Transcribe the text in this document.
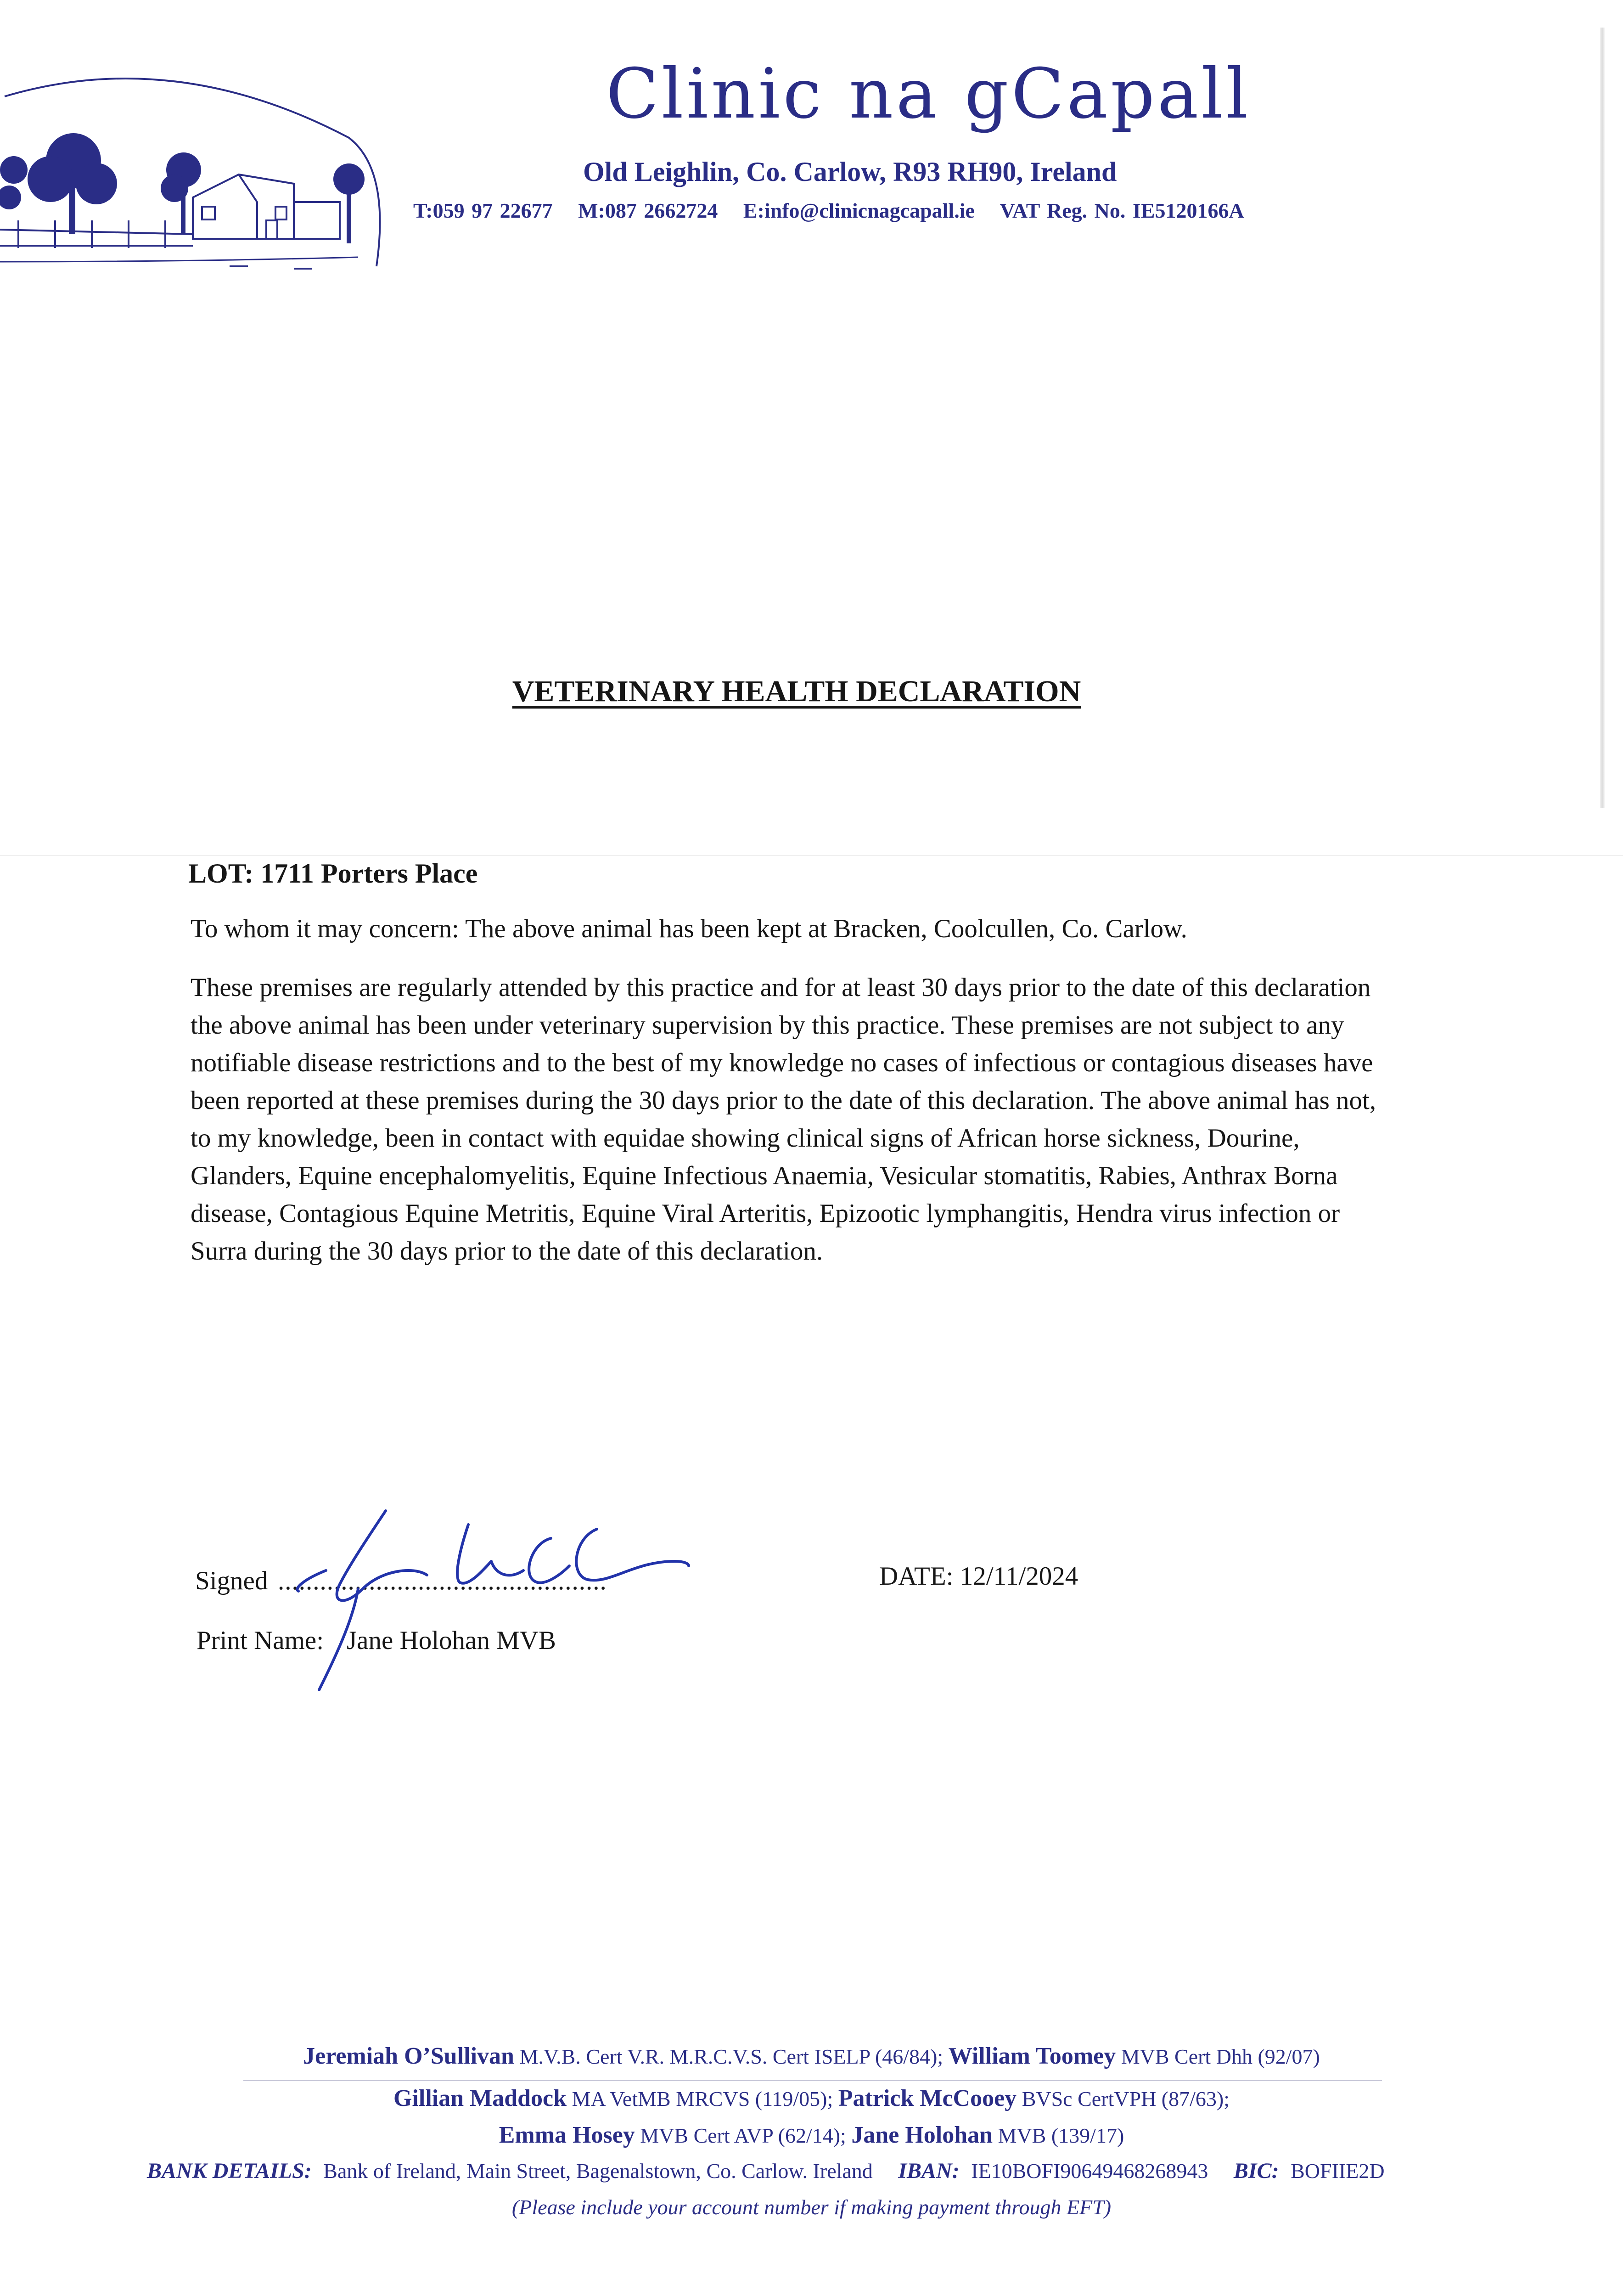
Clinic na gCapall
Old Leighlin, Co. Carlow, R93 RH90, Ireland
T:059 97 22677 M:087 2662724 E:info@clinicnagcapall.ie VAT Reg. No. IE5120166A
VETERINARY HEALTH DECLARATION
LOT: 1711 Porters Place
To whom it may concern: The above animal has been kept at Bracken, Coolcullen, Co. Carlow.
These premises are regularly attended by this practice and for at least 30 days prior to the date of this declaration the above animal has been under veterinary supervision by this practice. These premises are not subject to any notifiable disease restrictions and to the best of my knowledge no cases of infectious or contagious diseases have been reported at these premises during the 30 days prior to the date of this declaration. The above animal has not, to my knowledge, been in contact with equidae showing clinical signs of African horse sickness, Dourine, Glanders, Equine encephalomyelitis, Equine Infectious Anaemia, Vesicular stomatitis, Rabies, Anthrax Borna disease, Contagious Equine Metritis, Equine Viral Arteritis, Epizootic lymphangitis, Hendra virus infection or Surra during the 30 days prior to the date of this declaration.
Signed ...............................................	DATE: 12/11/2024
Print Name: Jane Holohan MVB
Jeremiah O’Sullivan M.V.B. Cert V.R. M.R.C.V.S. Cert ISELP (46/84); William Toomey MVB Cert Dhh (92/07)
Gillian Maddock MA VetMB MRCVS (119/05); Patrick McCooey BVSc CertVPH (87/63);
Emma Hosey MVB Cert AVP (62/14); Jane Holohan MVB (139/17)
BANK DETAILS: Bank of Ireland, Main Street, Bagenalstown, Co. Carlow. Ireland IBAN: IE10BOFI90649468268943 BIC: BOFIIE2D
(Please include your account number if making payment through EFT)
